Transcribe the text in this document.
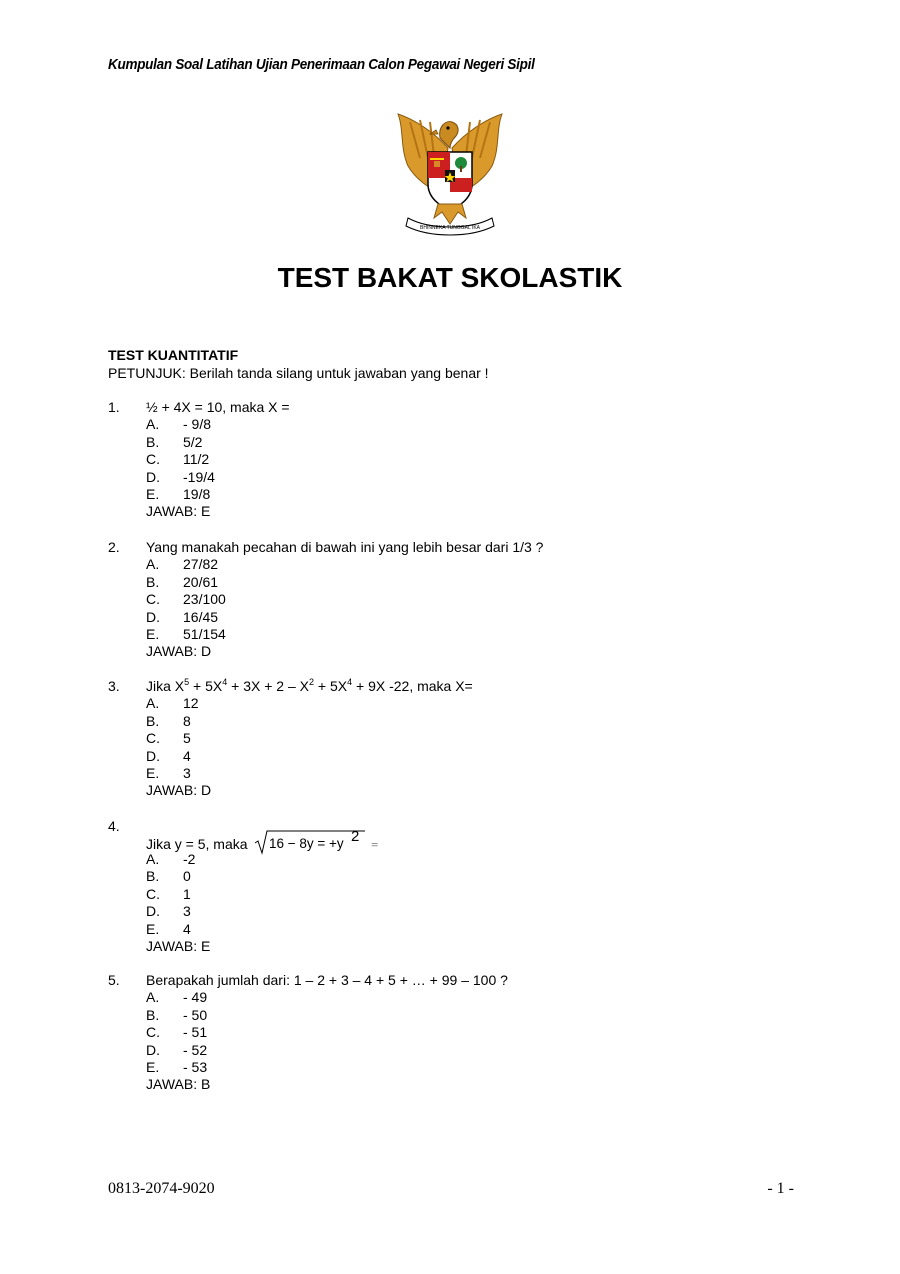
Kumpulan Soal Latihan Ujian Penerimaan Calon Pegawai Negeri Sipil
BHINNEKA TUNGGAL IKA
TEST BAKAT SKOLASTIK
TEST KUANTITATIF
PETUNJUK: Berilah tanda silang untuk jawaban yang benar !
1. ½ + 4X = 10, maka X =
A. - 9/8
B. 5/2
C. 11/2
D. -19/4
E. 19/8
JAWAB: E
2. Yang manakah pecahan di bawah ini yang lebih besar dari 1/3 ?
A. 27/82
B. 20/61
C. 23/100
D. 16/45
E. 51/154
JAWAB: D
3. Jika $X^5 + 5X^4 + 3X + 2 - X^2 + 5X^4 + 9X$ -22, maka X=
A. 12
B. 8
C. 5
D. 4
E. 3
JAWAB: D
4.
Jika y = 5, maka 16 − 8y = +y 2 =
A. -2
B. 0
C. 1
D. 3
E. 4
JAWAB: E
5. Berapakah jumlah dari: 1 – 2 + 3 – 4 + 5 + … + 99 – 100 ?
A. - 49
B. - 50
C. - 51
D. - 52
E. - 53
JAWAB: B
0813-2074-9020	- 1 -
